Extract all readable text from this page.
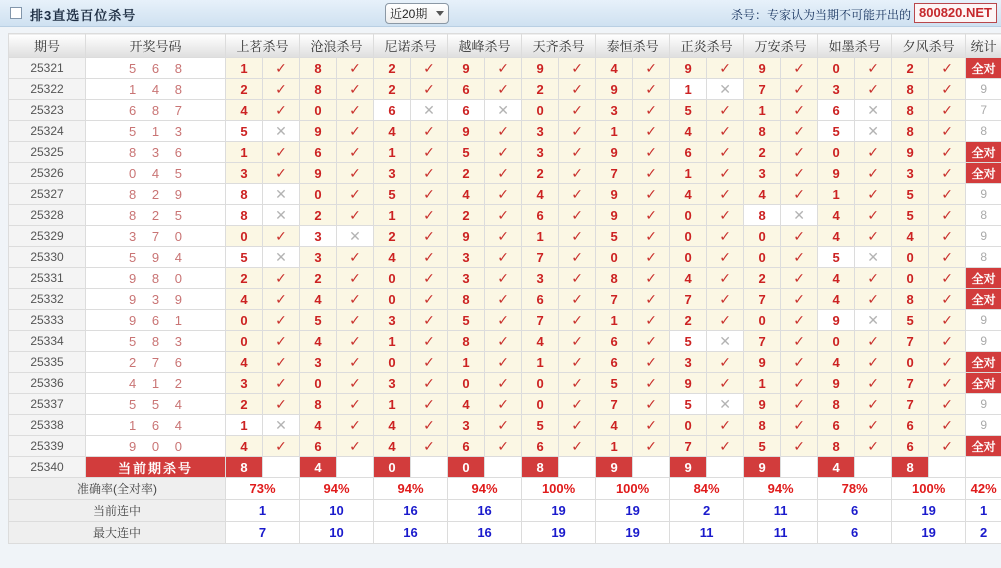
排3直选百位杀号	近20期	杀号：专家认为当期不可能开出的 800820.NET
期号	开奖号码	上茗杀号		沧浪杀号		尼诺杀号		越峰杀号		天齐杀号		泰恒杀号		正炎杀号		万安杀号		如墨杀号		夕风杀号		统计
25321	5 6 8	1	✓	8	✓	2	✓	9	✓	9	✓	4	✓	9	✓	9	✓	0	✓	2	✓	全对
25322	1 4 8	2	✓	8	✓	2	✓	6	✓	2	✓	9	✓	1	✕	7	✓	3	✓	8	✓	9
25323	6 8 7	4	✓	0	✓	6	✕	6	✕	0	✓	3	✓	5	✓	1	✓	6	✕	8	✓	7
25324	5 1 3	5	✕	9	✓	4	✓	9	✓	3	✓	1	✓	4	✓	8	✓	5	✕	8	✓	8
25325	8 3 6	1	✓	6	✓	1	✓	5	✓	3	✓	9	✓	6	✓	2	✓	0	✓	9	✓	全对
25326	0 4 5	3	✓	9	✓	3	✓	2	✓	2	✓	7	✓	1	✓	3	✓	9	✓	3	✓	全对
25327	8 2 9	8	✕	0	✓	5	✓	4	✓	4	✓	9	✓	4	✓	4	✓	1	✓	5	✓	9
25328	8 2 5	8	✕	2	✓	1	✓	2	✓	6	✓	9	✓	0	✓	8	✕	4	✓	5	✓	8
25329	3 7 0	0	✓	3	✕	2	✓	9	✓	1	✓	5	✓	0	✓	0	✓	4	✓	4	✓	9
25330	5 9 4	5	✕	3	✓	4	✓	3	✓	7	✓	0	✓	0	✓	0	✓	5	✕	0	✓	8
25331	9 8 0	2	✓	2	✓	0	✓	3	✓	3	✓	8	✓	4	✓	2	✓	4	✓	0	✓	全对
25332	9 3 9	4	✓	4	✓	0	✓	8	✓	6	✓	7	✓	7	✓	7	✓	4	✓	8	✓	全对
25333	9 6 1	0	✓	5	✓	3	✓	5	✓	7	✓	1	✓	2	✓	0	✓	9	✕	5	✓	9
25334	5 8 3	0	✓	4	✓	1	✓	8	✓	4	✓	6	✓	5	✕	7	✓	0	✓	7	✓	9
25335	2 7 6	4	✓	3	✓	0	✓	1	✓	1	✓	6	✓	3	✓	9	✓	4	✓	0	✓	全对
25336	4 1 2	3	✓	0	✓	3	✓	0	✓	0	✓	5	✓	9	✓	1	✓	9	✓	7	✓	全对
25337	5 5 4	2	✓	8	✓	1	✓	4	✓	0	✓	7	✓	5	✕	9	✓	8	✓	7	✓	9
25338	1 6 4	1	✕	4	✓	4	✓	3	✓	5	✓	4	✓	0	✓	8	✓	6	✓	6	✓	9
25339	9 0 0	4	✓	6	✓	4	✓	6	✓	6	✓	1	✓	7	✓	5	✓	8	✓	6	✓	全对
25340	当前期杀号	8		4		0		0		8		9		9		9		4		8		
准确率(全对率)		73%		94%		94%		94%		100%		100%		84%		94%		78%		100%		42%
当前连中		1		10		16		16		19		19		2		11		6		19		1
最大连中		7		10		16		16		19		19		11		11		6		19		2
